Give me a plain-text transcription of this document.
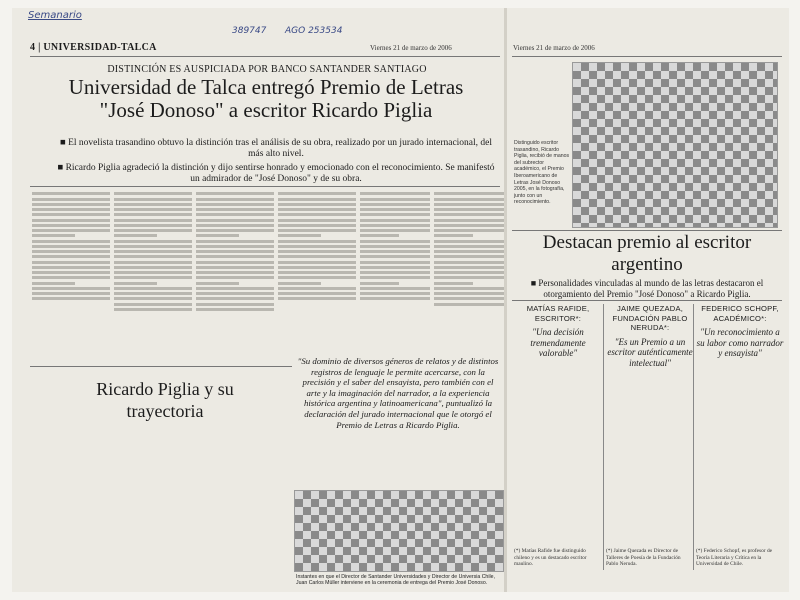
Semanario
389747 AGO 253534
4 | UNIVERSIDAD-TALCA	Viernes 21 de marzo de 2006	Viernes 21 de marzo de 2006
DISTINCIÓN ES AUSPICIADA POR BANCO SANTANDER SANTIAGO
Universidad de Talca entregó Premio de Letras
"José Donoso" a escritor Ricardo Piglia
■ El novelista trasandino obtuvo la distinción tras el análisis de su obra, realizado por un jurado internacional, del más alto nivel.
■ Ricardo Piglia agradeció la distinción y dijo sentirse honrado y emocionado con el reconocimiento. Se manifestó un admirador de "José Donoso" y de su obra.
Ricardo Piglia y su trayectoria
"Su dominio de diversos géneros de relatos y de distintos registros de lenguaje le permite acercarse, con la precisión y el saber del ensayista, pero también con el arte y la imaginación del narrador, a la experiencia histórica argentina y latinoamericana", puntualizó la declaración del jurado internacional que le otorgó el Premio de Letras a Ricardo Piglia.
Instantes en que el Director de Santander Universidades y Director de Universia Chile, Juan Carlos Müller interviene en la ceremonia de entrega del Premio José Donoso.
Distinguido escritor trasandino, Ricardo Piglia, recibió de manos del subrector académico, el Premio Iberoamericano de Letras José Donoso 2005, en la fotografía, junto con un reconocimiento.
Destacan premio al escritor argentino
■ Personalidades vinculadas al mundo de las letras destacaron el otorgamiento del Premio "José Donoso" a Ricardo Piglia.
MATÍAS RAFIDE, ESCRITOR*:
"Una decisión tremendamente valorable"
JAIME QUEZADA, FUNDACIÓN PABLO NERUDA*:
"Es un Premio a un escritor auténticamente intelectual"
FEDERICO SCHOPF, ACADÉMICO*:
"Un reconocimiento a su labor como narrador y ensayista"
(*) Matías Rafide fue distinguido chileno y es un destacado escritor maulino.
(*) Jaime Quezada es Director de Talleres de Poesía de la Fundación Pablo Neruda.
(*) Federico Schopf, es profesor de Teoría Literaria y Crítica en la Universidad de Chile.
